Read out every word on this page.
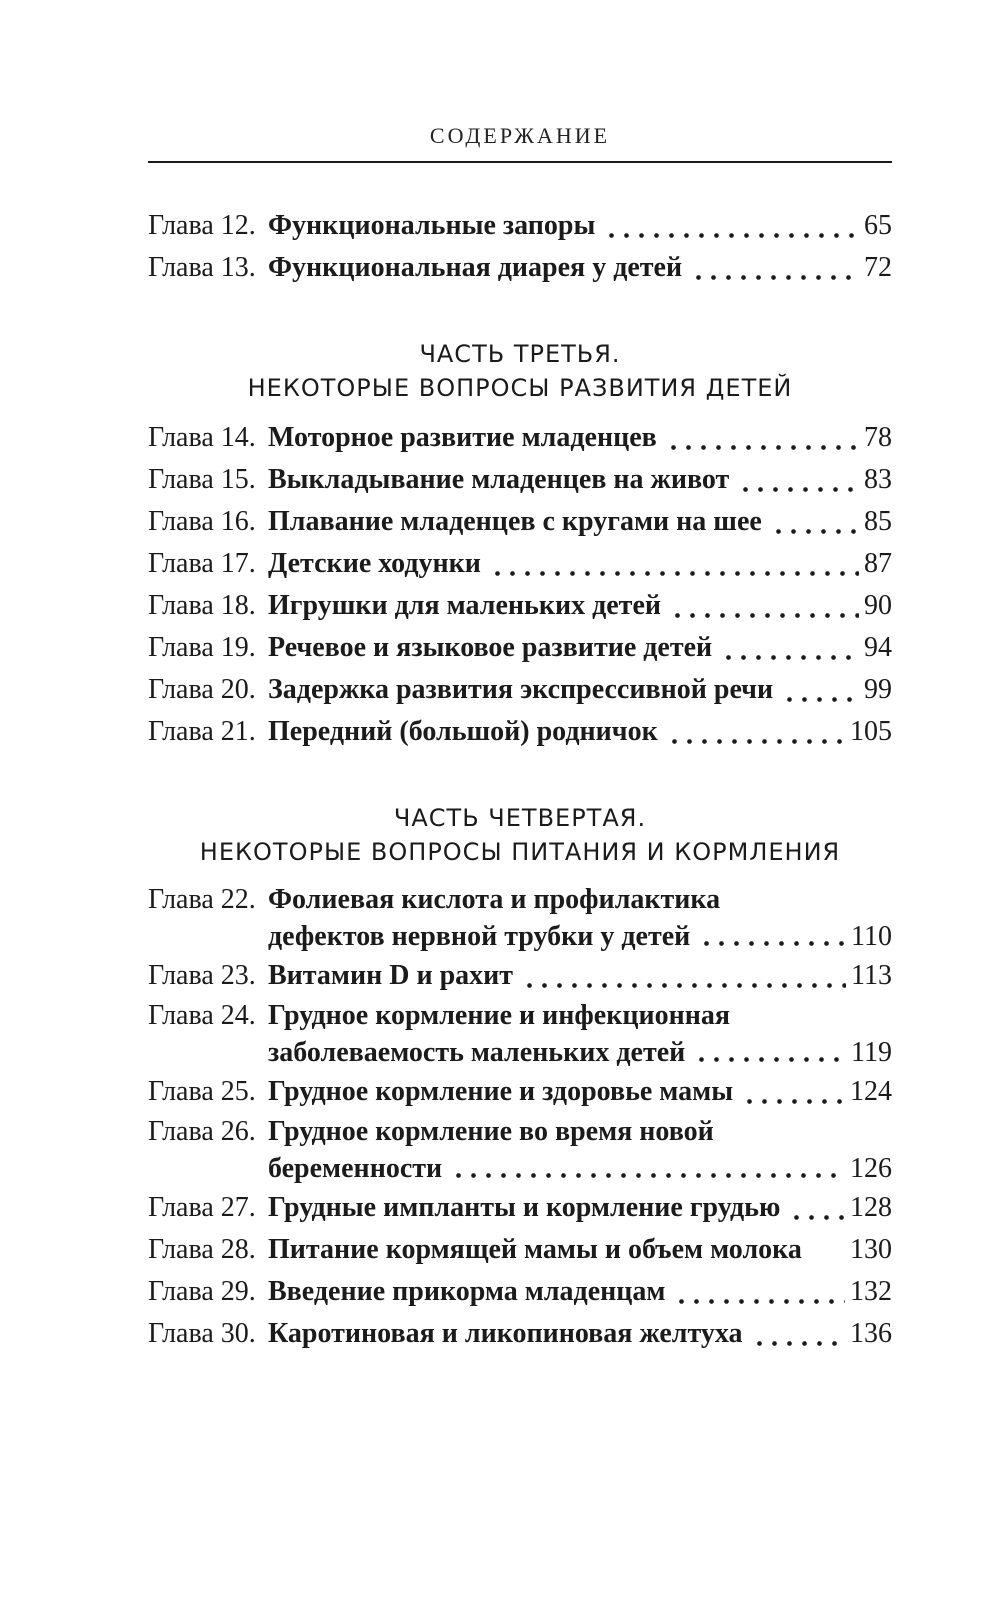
СОДЕРЖАНИЕ
Глава 12. Функциональные запоры	65
Глава 13. Функциональная диарея у детей	72
ЧАСТЬ ТРЕТЬЯ.
НЕКОТОРЫЕ ВОПРОСЫ РАЗВИТИЯ ДЕТЕЙ
Глава 14. Моторное развитие младенцев	78
Глава 15. Выкладывание младенцев на живот	83
Глава 16. Плавание младенцев с кругами на шее	85
Глава 17. Детские ходунки	87
Глава 18. Игрушки для маленьких детей	90
Глава 19. Речевое и языковое развитие детей	94
Глава 20. Задержка развития экспрессивной речи	99
Глава 21. Передний (большой) родничок	105
ЧАСТЬ ЧЕТВЕРТАЯ.
НЕКОТОРЫЕ ВОПРОСЫ ПИТАНИЯ И КОРМЛЕНИЯ
Глава 22. Фолиевая кислота и профилактика
дефектов нервной трубки у детей	110
Глава 23. Витамин D и рахит	113
Глава 24. Грудное кормление и инфекционная
заболеваемость маленьких детей	119
Глава 25. Грудное кормление и здоровье мамы	124
Глава 26. Грудное кормление во время новой
беременности	126
Глава 27. Грудные импланты и кормление грудью 128
Глава 28. Питание кормящей мамы и объем молока 130
Глава 29. Введение прикорма младенцам	132
Глава 30. Каротиновая и ликопиновая желтуха	136
